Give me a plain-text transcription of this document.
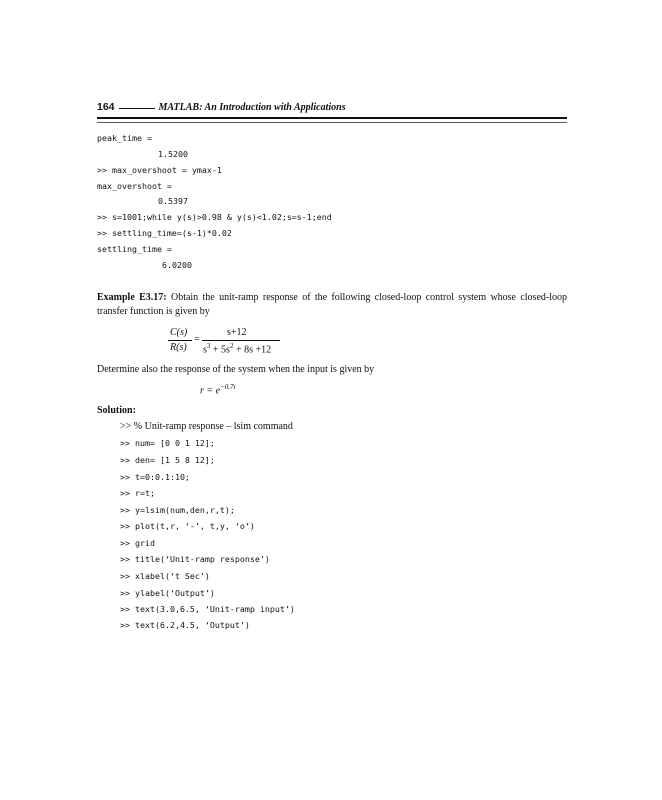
164	MATLAB: An Introduction with Applications
peak_time =
1.5200
>> max_overshoot = ymax-1
max_overshoot =
0.5397
>> s=1001;while y(s)>0.98 & y(s)<1.02;s=s-1;end
>> settling_time=(s-1)*0.02
settling_time =
6.0200
Example E3.17: Obtain the unit-ramp response of the following closed-loop control system whose closed-loop transfer function is given by
C(s)
R(s)
=
s+12
$s^3 + 5s^2 + 8s +12$
Determine also the response of the system when the input is given by
$r = e^{-0.7t}$
Solution:
>> % Unit-ramp response – lsim command
>> num= [0 0 1 12];
>> den= [1 5 8 12];
>> t=0:0.1:10;
>> r=t;
>> y=lsim(num,den,r,t);
>> plot(t,r, ‘-’, t,y, ‘o’)
>> grid
>> title(‘Unit-ramp response’)
>> xlabel(‘t Sec’)
>> ylabel(‘Output’)
>> text(3.0,6.5, ‘Unit-ramp input’)
>> text(6.2,4.5, ‘Output’)
